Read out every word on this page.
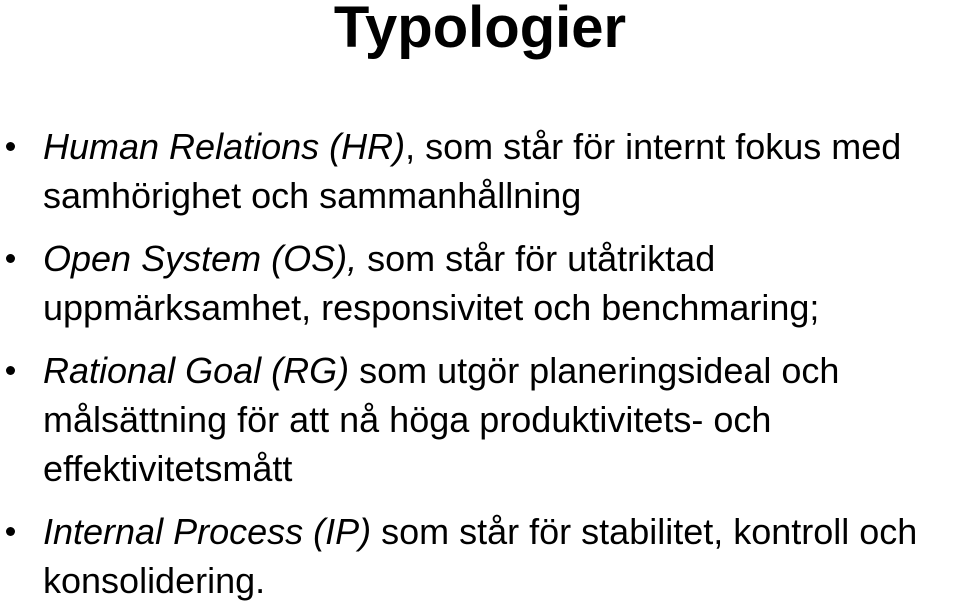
Typologier
Human Relations (HR), som står för internt fokus med samhörighet och sammanhållning
Open System (OS), som står för utåtriktad uppmärksamhet, responsivitet och benchmaring;
Rational Goal (RG) som utgör planeringsideal och målsättning för att nå höga produktivitets- och effektivitetsmått
Internal Process (IP) som står för stabilitet, kontroll och konsolidering.
